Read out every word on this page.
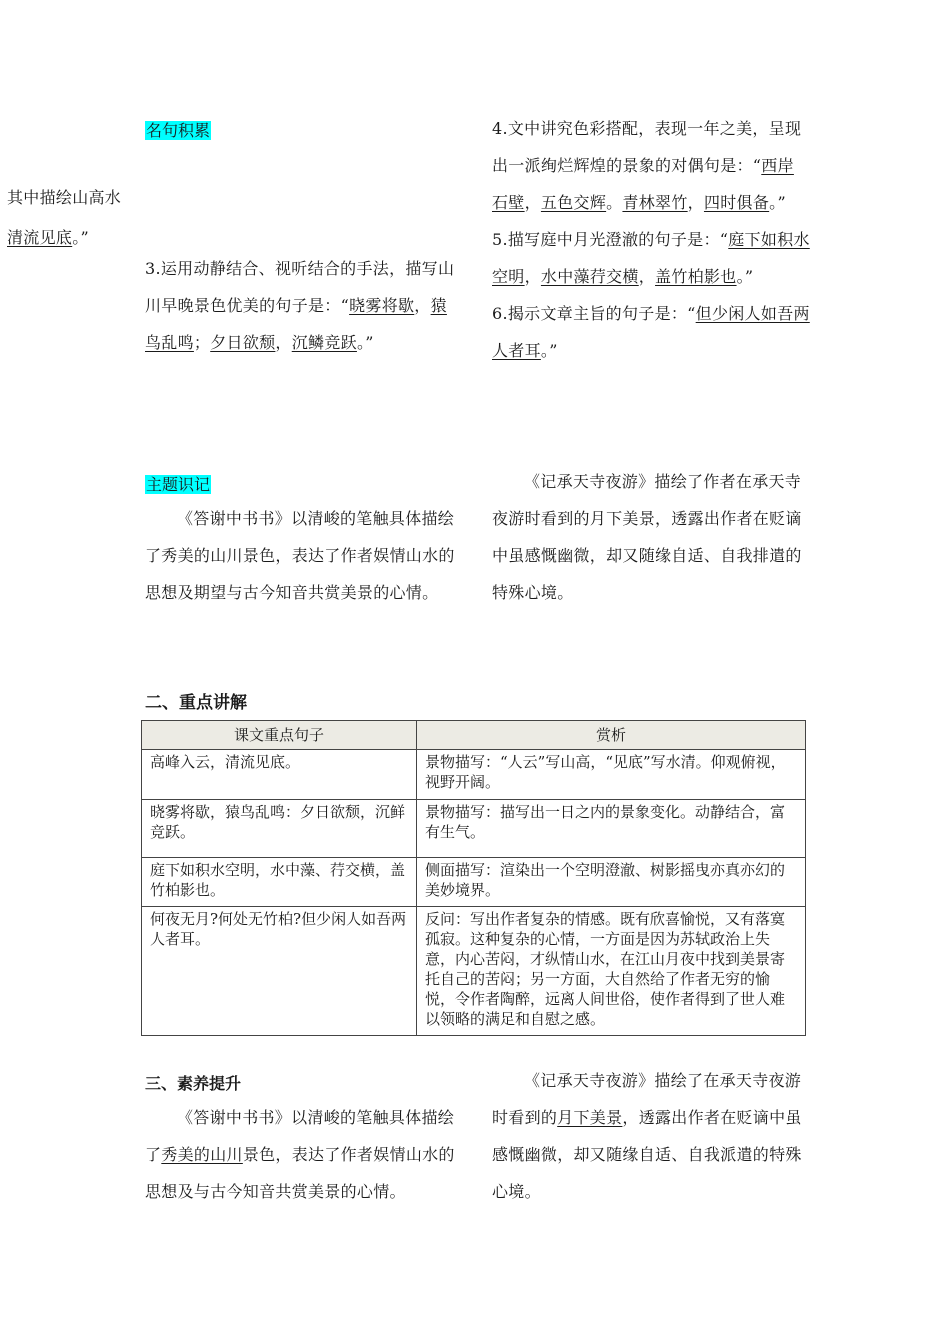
其中描绘山高水
清流见底。”
名句积累
3.运用动静结合、视听结合的手法，描写山川早晚景色优美的句子是：“晓雾将歇，猿鸟乱鸣；夕日欲颓，沉鳞竞跃。”
4.文中讲究色彩搭配，表现一年之美，呈现出一派绚烂辉煌的景象的对偶句是：“西岸石壁，五色交辉。青林翠竹，四时俱备。”
5.描写庭中月光澄澈的句子是：“庭下如积水空明，水中藻荇交横，盖竹柏影也。”
6.揭示文章主旨的句子是：“但少闲人如吾两人者耳。”
主题识记
《答谢中书书》以清峻的笔触具体描绘了秀美的山川景色，表达了作者娱情山水的思想及期望与古今知音共赏美景的心情。
《记承天寺夜游》描绘了作者在承天寺夜游时看到的月下美景，透露出作者在贬谪中虽感慨幽微，却又随缘自适、自我排遣的特殊心境。
二、重点讲解
课文重点句子	赏析
高峰入云，清流见底。	景物描写：“人云”写山高，“见底”写水清。仰观俯视，视野开阔。
晓雾将歇，猿鸟乱鸣：夕日欲颓，沉鲜竞跃。	景物描写：描写出一日之内的景象变化。动静结合，富有生气。
庭下如积水空明，水中藻、荇交横，盖竹柏影也。	侧面描写：渲染出一个空明澄澈、树影摇曳亦真亦幻的美妙境界。
何夜无月?何处无竹柏?但少闲人如吾两人者耳。	反问：写出作者复杂的情感。既有欣喜愉悦，又有落寞孤寂。这种复杂的心情，一方面是因为苏轼政治上失意，内心苦闷，才纵情山水，在江山月夜中找到美景寄托自己的苦闷；另一方面，大自然给了作者无穷的愉悦，令作者陶醉，远离人间世俗，使作者得到了世人难以领略的满足和自慰之感。
三、素养提升
《答谢中书书》以清峻的笔触具体描绘了秀美的山川景色，表达了作者娱情山水的思想及与古今知音共赏美景的心情。
《记承天寺夜游》描绘了在承天寺夜游时看到的月下美景，透露出作者在贬谪中虽感慨幽微，却又随缘自适、自我派遣的特殊心境。
